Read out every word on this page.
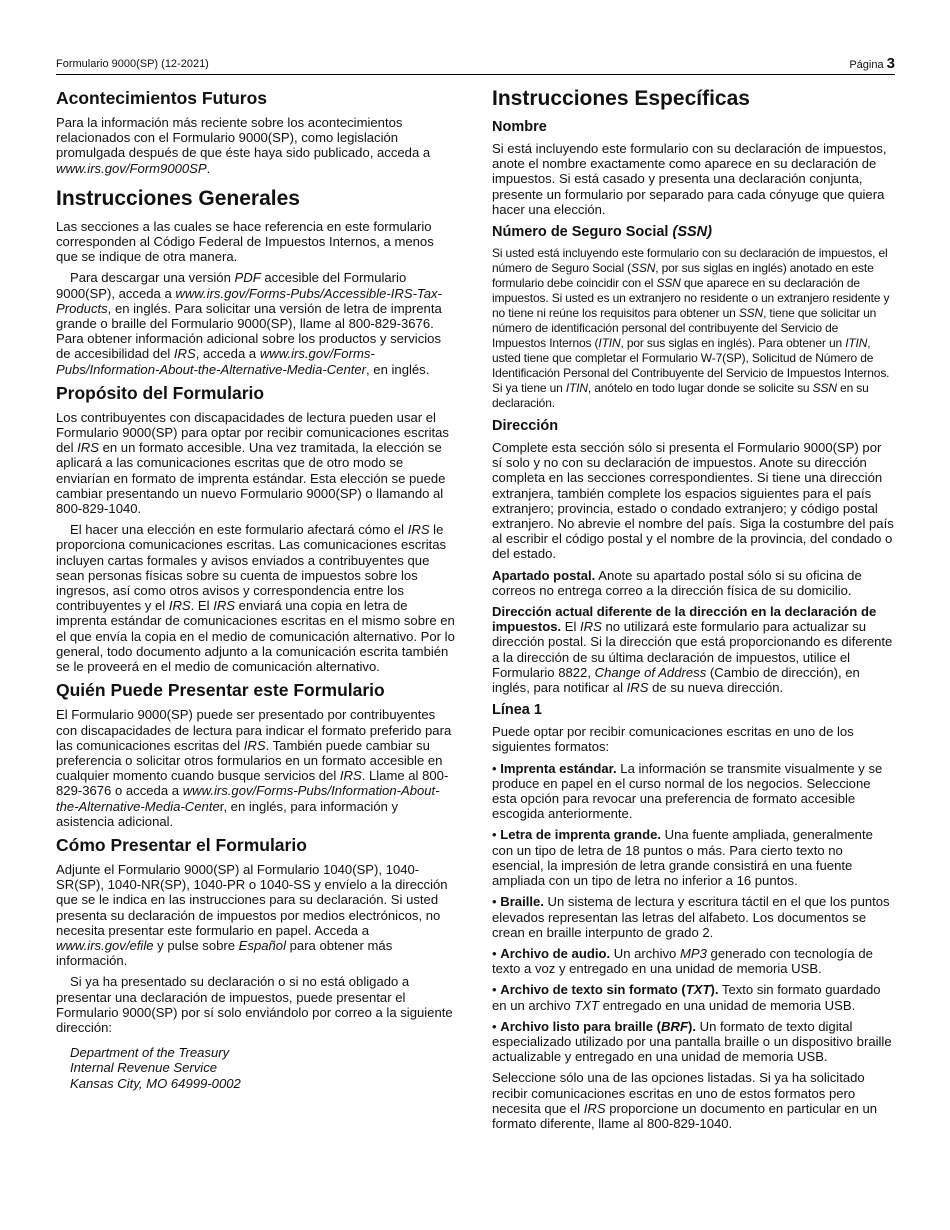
Formulario 9000(SP) (12-2021)	Página 3
Acontecimientos Futuros

Para la información más reciente sobre los acontecimientos relacionados con el Formulario 9000(SP), como legislación promulgada después de que éste haya sido publicado, acceda a www.irs.gov/Form9000SP.

Instrucciones Generales

Las secciones a las cuales se hace referencia en este formulario corresponden al Código Federal de Impuestos Internos, a menos que se indique de otra manera.

Para descargar una versión PDF accesible del Formulario 9000(SP), acceda a www.irs.gov/Forms-Pubs/Accessible-IRS-Tax-Products, en inglés. Para solicitar una versión de letra de imprenta grande o braille del Formulario 9000(SP), llame al 800-829-3676. Para obtener información adicional sobre los productos y servicios de accesibilidad del IRS, acceda a www.irs.gov/Forms-Pubs/Information-About-the-Alternative-Media-Center, en inglés.

Propósito del Formulario

Los contribuyentes con discapacidades de lectura pueden usar el Formulario 9000(SP) para optar por recibir comunicaciones escritas del IRS en un formato accesible. Una vez tramitada, la elección se aplicará a las comunicaciones escritas que de otro modo se enviarían en formato de imprenta estándar. Esta elección se puede cambiar presentando un nuevo Formulario 9000(SP) o llamando al 800-829-1040.

El hacer una elección en este formulario afectará cómo el IRS le proporciona comunicaciones escritas. Las comunicaciones escritas incluyen cartas formales y avisos enviados a contribuyentes que sean personas físicas sobre su cuenta de impuestos sobre los ingresos, así como otros avisos y correspondencia entre los contribuyentes y el IRS. El IRS enviará una copia en letra de imprenta estándar de comunicaciones escritas en el mismo sobre en el que envía la copia en el medio de comunicación alternativo. Por lo general, todo documento adjunto a la comunicación escrita también se le proveerá en el medio de comunicación alternativo.

Quién Puede Presentar este Formulario

El Formulario 9000(SP) puede ser presentado por contribuyentes con discapacidades de lectura para indicar el formato preferido para las comunicaciones escritas del IRS. También puede cambiar su preferencia o solicitar otros formularios en un formato accesible en cualquier momento cuando busque servicios del IRS. Llame al 800-829-3676 o acceda a www.irs.gov/Forms-Pubs/Information-About-the-Alternative-Media-Center, en inglés, para información y asistencia adicional.

Cómo Presentar el Formulario

Adjunte el Formulario 9000(SP) al Formulario 1040(SP), 1040-SR(SP), 1040-NR(SP), 1040-PR o 1040-SS y envíelo a la dirección que se le indica en las instrucciones para su declaración. Si usted presenta su declaración de impuestos por medios electrónicos, no necesita presentar este formulario en papel. Acceda a www.irs.gov/efile y pulse sobre Español para obtener más información.

Si ya ha presentado su declaración o si no está obligado a presentar una declaración de impuestos, puede presentar el Formulario 9000(SP) por sí solo enviándolo por correo a la siguiente dirección:

Department of the Treasury
Internal Revenue Service
Kansas City, MO 64999-0002

Instrucciones Específicas
Nombre

Si está incluyendo este formulario con su declaración de impuestos, anote el nombre exactamente como aparece en su declaración de impuestos. Si está casado y presenta una declaración conjunta, presente un formulario por separado para cada cónyuge que quiera hacer una elección.

Número de Seguro Social (SSN)

Si usted está incluyendo este formulario con su declaración de impuestos, el número de Seguro Social (SSN, por sus siglas en inglés) anotado en este formulario debe coincidir con el SSN que aparece en su declaración de impuestos. Si usted es un extranjero no residente o un extranjero residente y no tiene ni reúne los requisitos para obtener un SSN, tiene que solicitar un número de identificación personal del contribuyente del Servicio de Impuestos Internos (ITIN, por sus siglas en inglés). Para obtener un ITIN, usted tiene que completar el Formulario W-7(SP), Solicitud de Número de Identificación Personal del Contribuyente del Servicio de Impuestos Internos. Si ya tiene un ITIN, anótelo en todo lugar donde se solicite su SSN en su declaración.

Dirección

Complete esta sección sólo si presenta el Formulario 9000(SP) por sí solo y no con su declaración de impuestos. Anote su dirección completa en las secciones correspondientes. Si tiene una dirección extranjera, también complete los espacios siguientes para el país extranjero; provincia, estado o condado extranjero; y código postal extranjero. No abrevie el nombre del país. Siga la costumbre del país al escribir el código postal y el nombre de la provincia, del condado o del estado.

Apartado postal. Anote su apartado postal sólo si su oficina de correos no entrega correo a la dirección física de su domicilio.

Dirección actual diferente de la dirección en la declaración de impuestos. El IRS no utilizará este formulario para actualizar su dirección postal. Si la dirección que está proporcionando es diferente a la dirección de su última declaración de impuestos, utilice el Formulario 8822, Change of Address (Cambio de dirección), en inglés, para notificar al IRS de su nueva dirección.

Línea 1

Puede optar por recibir comunicaciones escritas en uno de los siguientes formatos:

• Imprenta estándar. La información se transmite visualmente y se produce en papel en el curso normal de los negocios. Seleccione esta opción para revocar una preferencia de formato accesible escogida anteriormente.

• Letra de imprenta grande. Una fuente ampliada, generalmente con un tipo de letra de 18 puntos o más. Para cierto texto no esencial, la impresión de letra grande consistirá en una fuente ampliada con un tipo de letra no inferior a 16 puntos.

• Braille. Un sistema de lectura y escritura táctil en el que los puntos elevados representan las letras del alfabeto. Los documentos se crean en braille interpunto de grado 2.

• Archivo de audio. Un archivo MP3 generado con tecnología de texto a voz y entregado en una unidad de memoria USB.

• Archivo de texto sin formato (TXT). Texto sin formato guardado en un archivo TXT entregado en una unidad de memoria USB.

• Archivo listo para braille (BRF). Un formato de texto digital especializado utilizado por una pantalla braille o un dispositivo braille actualizable y entregado en una unidad de memoria USB.

Seleccione sólo una de las opciones listadas. Si ya ha solicitado recibir comunicaciones escritas en uno de estos formatos pero necesita que el IRS proporcione un documento en particular en un formato diferente, llame al 800-829-1040.
